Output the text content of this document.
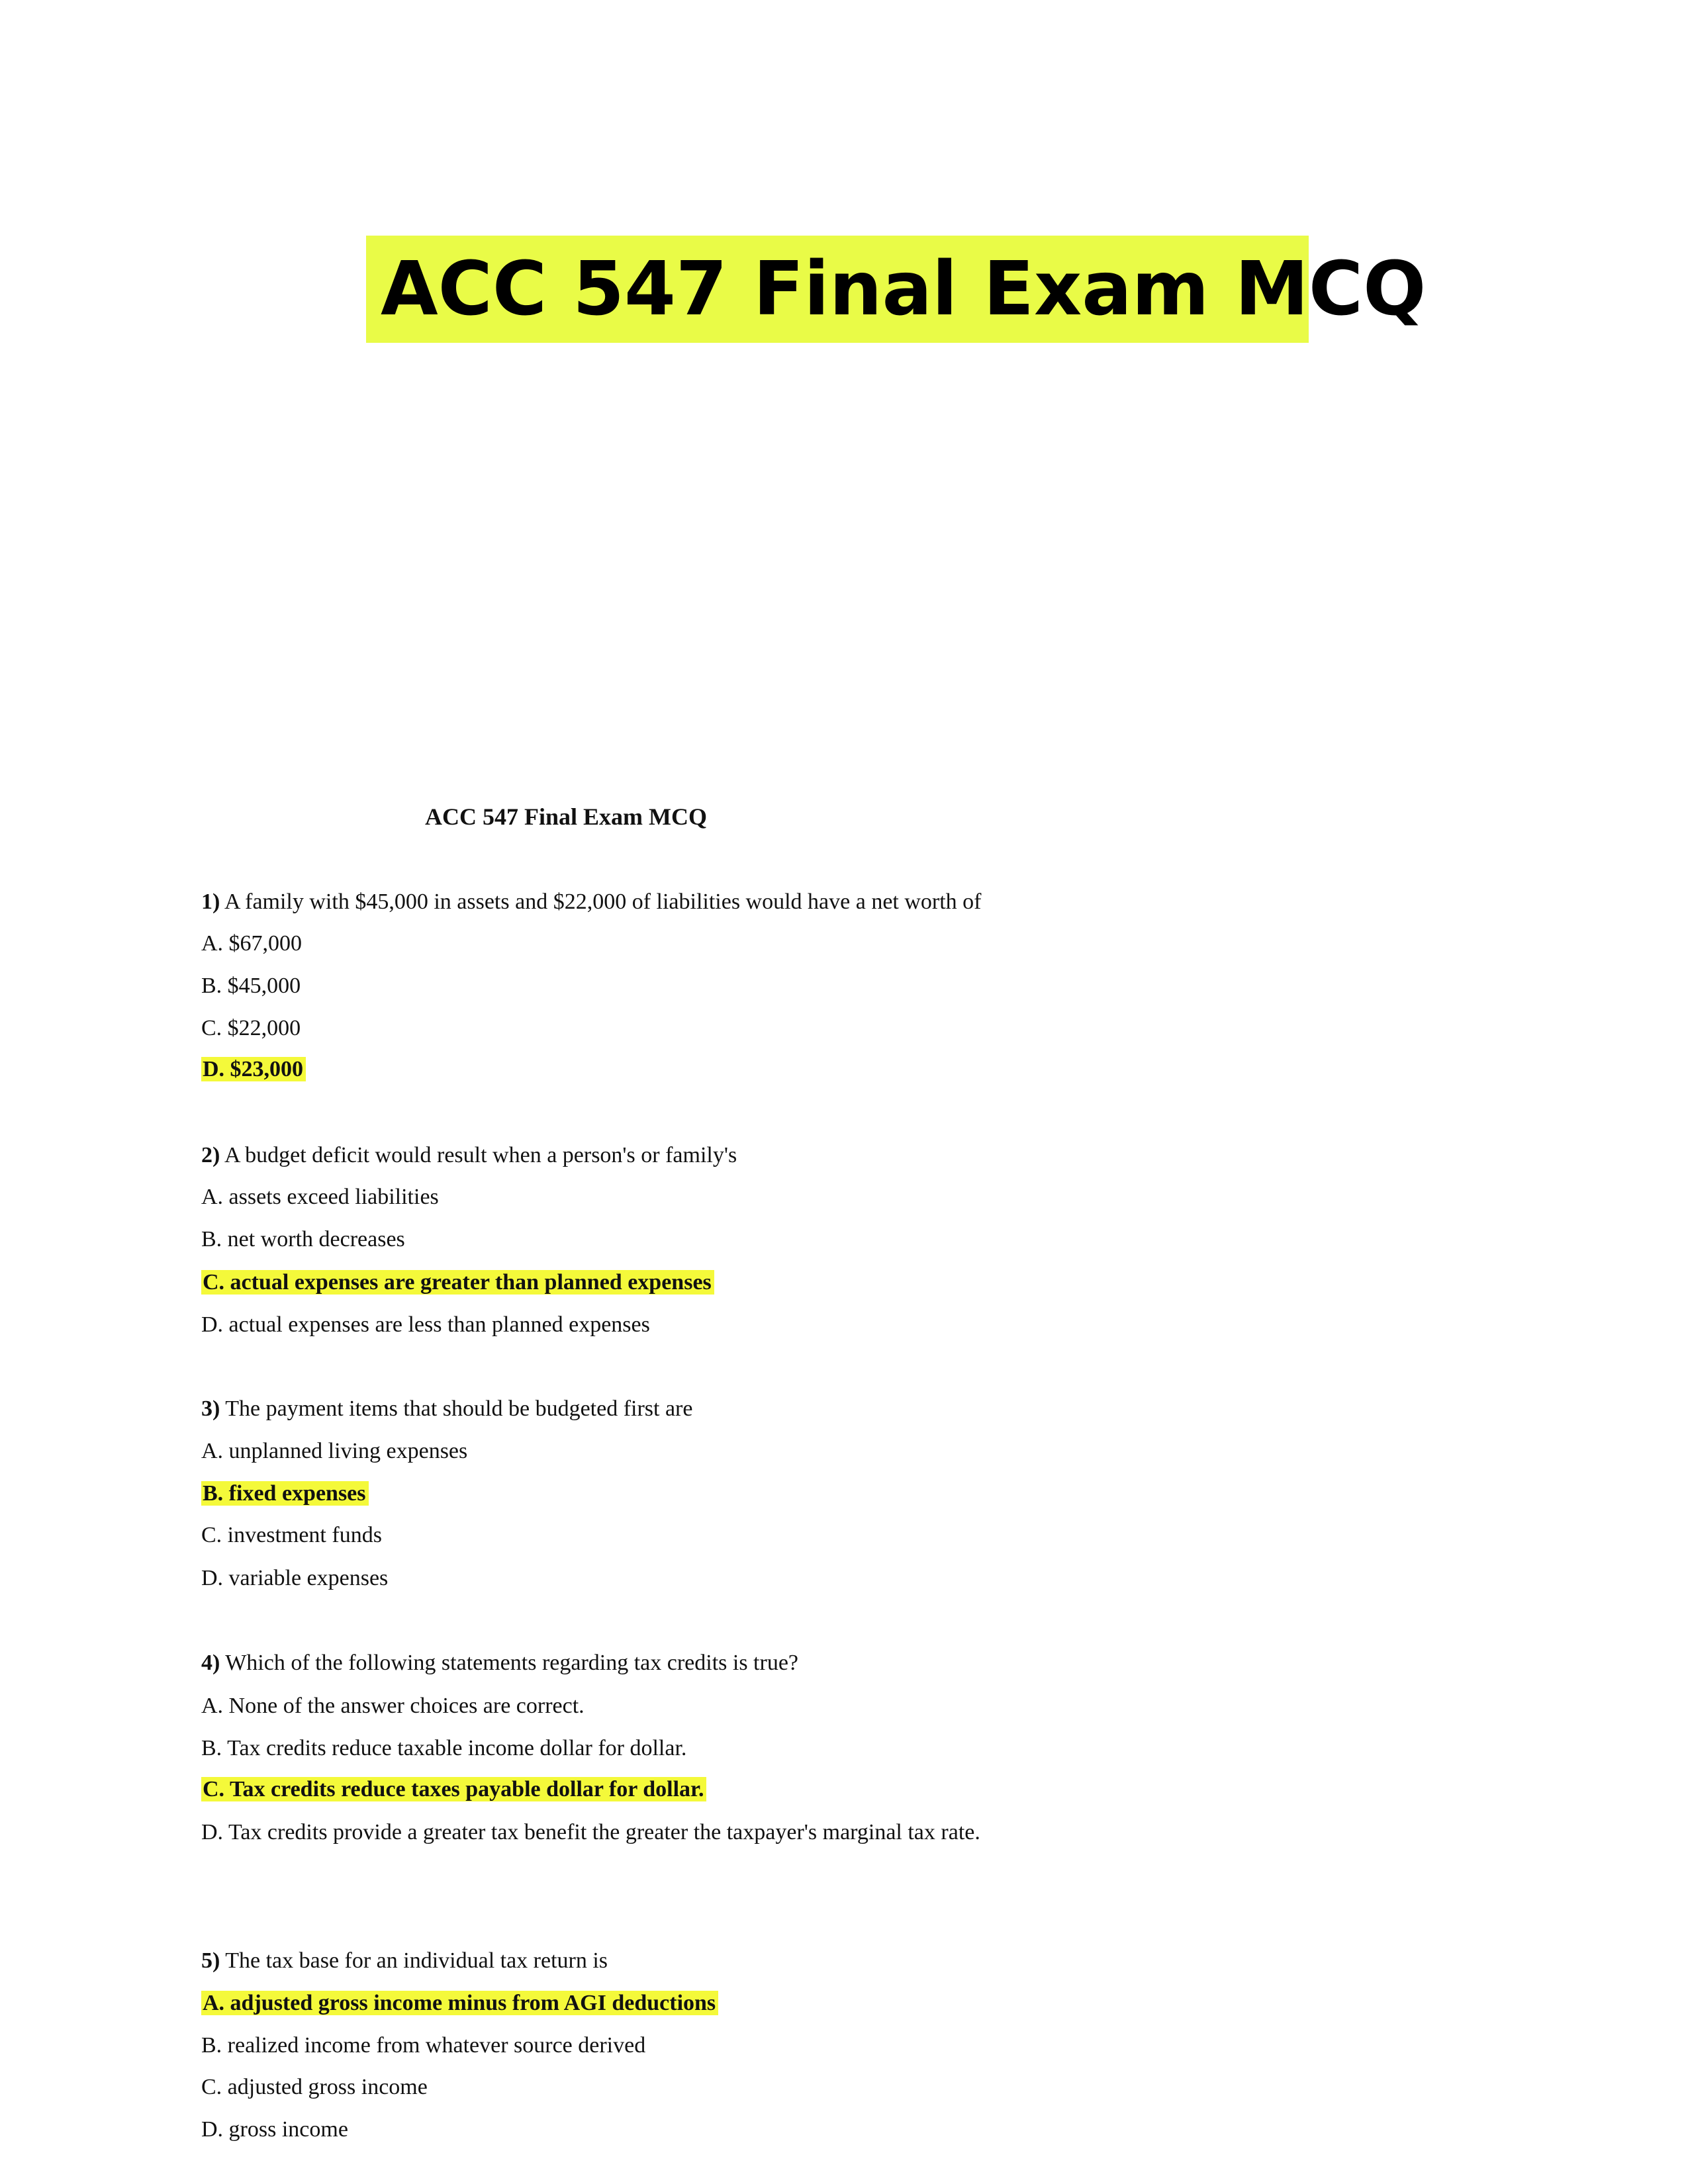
ACC 547 Final Exam MCQ
ACC 547 Final Exam MCQ
1) A family with $45,000 in assets and $22,000 of liabilities would have a net worth of
A. $67,000
B. $45,000
C. $22,000
D. $23,000
2) A budget deficit would result when a person's or family's
A. assets exceed liabilities
B. net worth decreases
C. actual expenses are greater than planned expenses
D. actual expenses are less than planned expenses
3) The payment items that should be budgeted first are
A. unplanned living expenses
B. fixed expenses
C. investment funds
D. variable expenses
4) Which of the following statements regarding tax credits is true?
A. None of the answer choices are correct.
B. Tax credits reduce taxable income dollar for dollar.
C. Tax credits reduce taxes payable dollar for dollar.
D. Tax credits provide a greater tax benefit the greater the taxpayer's marginal tax rate.
5) The tax base for an individual tax return is
A. adjusted gross income minus from AGI deductions
B. realized income from whatever source derived
C. adjusted gross income
D. gross income
